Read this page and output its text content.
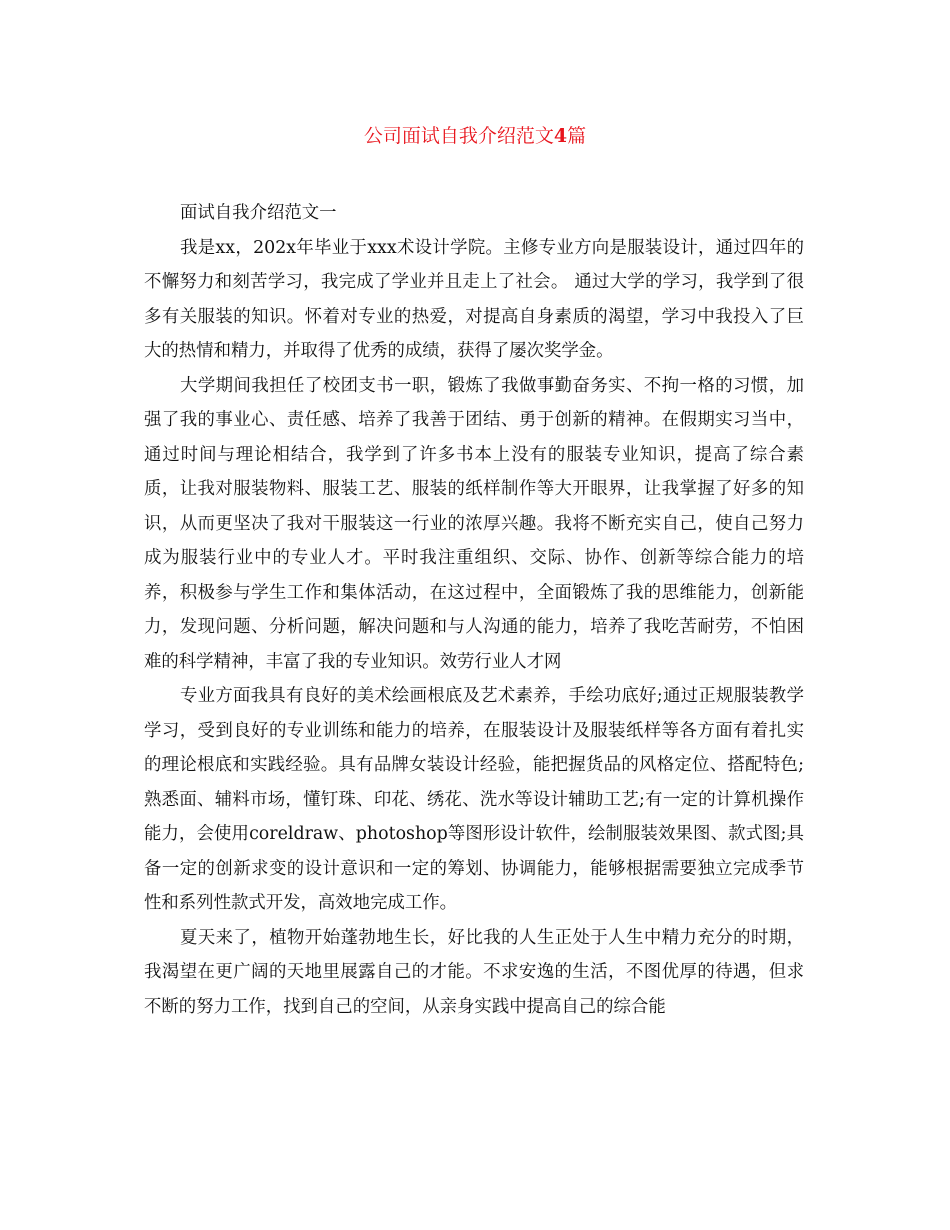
公司面试自我介绍范文4篇

面试自我介绍范文一

我是xx，202x年毕业于xxx术设计学院。主修专业方向是服装设计，通过四年的不懈努力和刻苦学习，我完成了学业并且走上了社会。 通过大学的学习，我学到了很多有关服装的知识。怀着对专业的热爱，对提高自身素质的渴望，学习中我投入了巨大的热情和精力，并取得了优秀的成绩，获得了屡次奖学金。

大学期间我担任了校团支书一职，锻炼了我做事勤奋务实、不拘一格的习惯，加强了我的事业心、责任感、培养了我善于团结、勇于创新的精神。在假期实习当中，通过时间与理论相结合，我学到了许多书本上没有的服装专业知识，提高了综合素质，让我对服装物料、服装工艺、服装的纸样制作等大开眼界，让我掌握了好多的知识，从而更坚决了我对干服装这一行业的浓厚兴趣。我将不断充实自己，使自己努力成为服装行业中的专业人才。平时我注重组织、交际、协作、创新等综合能力的培养，积极参与学生工作和集体活动，在这过程中，全面锻炼了我的思维能力，创新能力，发现问题、分析问题，解决问题和与人沟通的能力，培养了我吃苦耐劳，不怕困难的科学精神，丰富了我的专业知识。效劳行业人才网

专业方面我具有良好的美术绘画根底及艺术素养，手绘功底好;通过正规服装教学学习，受到良好的专业训练和能力的培养，在服装设计及服装纸样等各方面有着扎实的理论根底和实践经验。具有品牌女装设计经验，能把握货品的风格定位、搭配特色;熟悉面、辅料市场，懂钉珠、印花、绣花、洗水等设计辅助工艺;有一定的计算机操作能力，会使用coreldraw、photoshop等图形设计软件，绘制服装效果图、款式图;具备一定的创新求变的设计意识和一定的筹划、协调能力，能够根据需要独立完成季节性和系列性款式开发，高效地完成工作。

夏天来了，植物开始蓬勃地生长，好比我的人生正处于人生中精力充分的时期，我渴望在更广阔的天地里展露自己的才能。不求安逸的生活，不图优厚的待遇，但求不断的努力工作，找到自己的空间，从亲身实践中提高自己的综合能
